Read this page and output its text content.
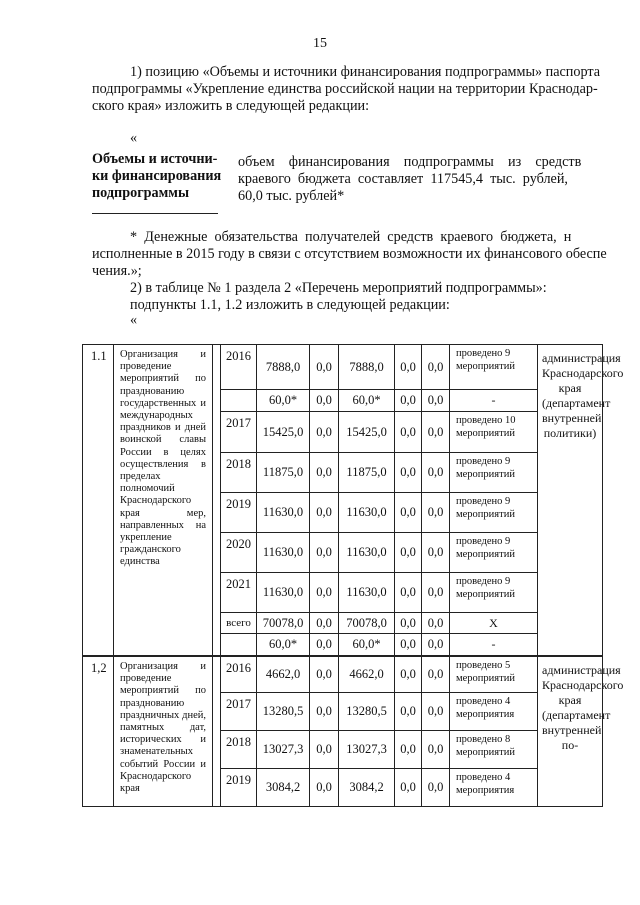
15
1) позицию «Объемы и источники финансирования подпрограммы» паспорта
подпрограммы «Укрепление единства российской нации на территории Краснодар-
ского края» изложить в следующей редакции:
«
Объемы и источни-
ки финансирования
подпрограммы
объем    финансирования    подпрограммы    из    средств
краевого  бюджета  составляет  117545,4  тыс.  рублей,
60,0 тыс. рублей*
*  Денежные  обязательства  получателей  средств  краевого  бюджета,  н
исполненные в 2015 году в связи с отсутствием возможности их финансового обеспе
чения.»;
2) в таблице № 1 раздела 2 «Перечень мероприятий подпрограммы»:
подпункты 1.1, 1.2 изложить в следующей редакции:
«
1.1	Организация и проведение мероприятий по празднованию государственных и международных праздников и дней воинской славы России в целях осуществления в пределах полномочий Краснодарского края мер, направленных на укрепление гражданского единства		2016	7888,0	0,0	7888,0	0,0	0,0	проведено 9 мероприятий	администрация Краснодарского края (департамент внутренней политики)
				60,0*	0,0	60,0*	0,0	0,0	-	
			2017	15425,0	0,0	15425,0	0,0	0,0	проведено 10 мероприятий	
			2018	11875,0	0,0	11875,0	0,0	0,0	проведено 9 мероприятий	
			2019	11630,0	0,0	11630,0	0,0	0,0	проведено 9 мероприятий	
			2020	11630,0	0,0	11630,0	0,0	0,0	проведено 9 мероприятий	
			2021	11630,0	0,0	11630,0	0,0	0,0	проведено 9 мероприятий	
			всего	70078,0	0,0	70078,0	0,0	0,0	Х	
				60,0*	0,0	60,0*	0,0	0,0	-	
1,2	Организация и проведение мероприятий по празднованию праздничных дней, памятных дат, исторических и знаменательных событий России и Краснодарского края		2016	4662,0	0,0	4662,0	0,0	0,0	проведено 5 мероприятий	администрация Краснодарского края (департамент внутренней по-
			2017	13280,5	0,0	13280,5	0,0	0,0	проведено 4 мероприятия	
			2018	13027,3	0,0	13027,3	0,0	0,0	проведено 8 мероприятий	
			2019	3084,2	0,0	3084,2	0,0	0,0	проведено 4 мероприятия	
